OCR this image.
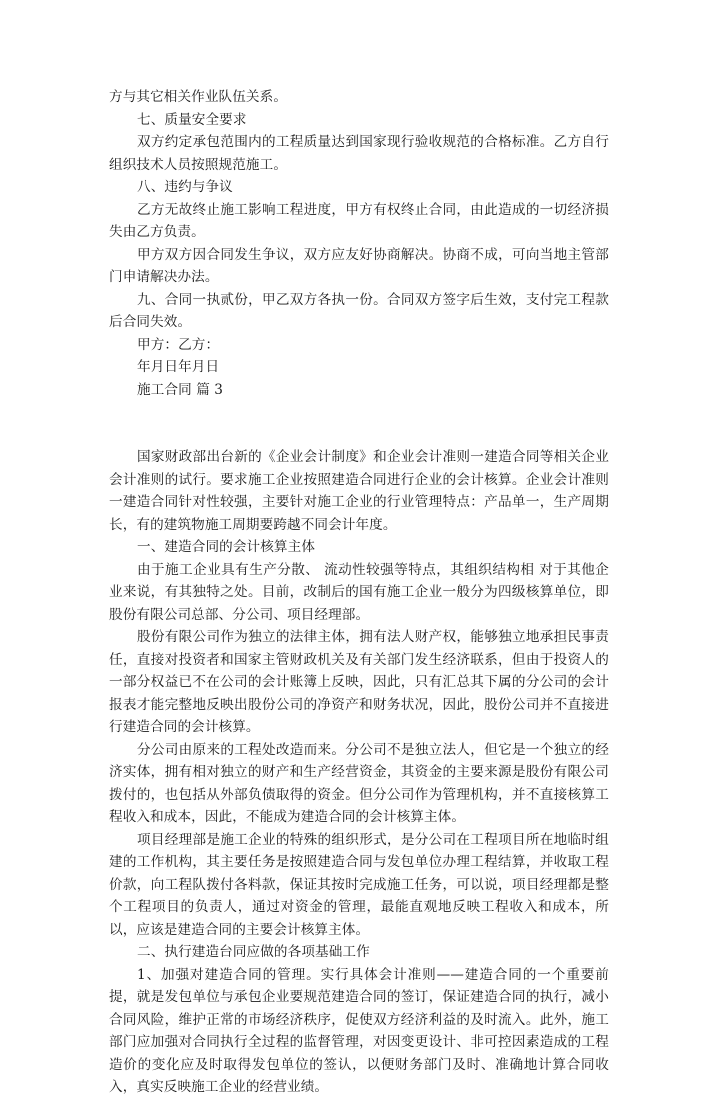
方与其它相关作业队伍关系。

七、质量安全要求

双方约定承包范围内的工程质量达到国家现行验收规范的合格标准。乙方自行组织技术人员按照规范施工。

八、违约与争议

乙方无故终止施工影响工程进度，甲方有权终止合同，由此造成的一切经济损失由乙方负责。

甲方双方因合同发生争议，双方应友好协商解决。协商不成，可向当地主管部门申请解决办法。

九、合同一执贰份，甲乙双方各执一份。合同双方签字后生效，支付完工程款后合同失效。

甲方：乙方：

年月日年月日

施工合同 篇 3

国家财政部出台新的《企业会计制度》和企业会计准则一建造合同等相关企业会计准则的试行。要求施工企业按照建造合同进行企业的会计核算。企业会计准则一建造合同针对性较强，主要针对施工企业的行业管理特点：产品单一，生产周期长，有的建筑物施工周期要跨越不同会计年度。

一、建造合同的会计核算主体

由于施工企业具有生产分散、 流动性较强等特点，其组织结构相 对于其他企业来说，有其独特之处。目前，改制后的国有施工企业一般分为四级核算单位，即股份有限公司总部、分公司、项目经理部。

股份有限公司作为独立的法律主体，拥有法人财产权，能够独立地承担民事责任，直接对投资者和国家主管财政机关及有关部门发生经济联系，但由于投资人的一部分权益已不在公司的会计账簿上反映，因此，只有汇总其下属的分公司的会计报表才能完整地反映出股份公司的净资产和财务状况，因此，股份公司并不直接进行建造合同的会计核算。

分公司由原来的工程处改造而来。分公司不是独立法人，但它是一个独立的经济实体，拥有相对独立的财产和生产经营资金，其资金的主要来源是股份有限公司拨付的，也包括从外部负债取得的资金。但分公司作为管理机构，并不直接核算工程收入和成本，因此，不能成为建造合同的会计核算主体。

项目经理部是施工企业的特殊的组织形式，是分公司在工程项目所在地临时组建的工作机构，其主要任务是按照建造合同与发包单位办理工程结算，并收取工程价款，向工程队拨付各料款，保证其按时完成施工任务，可以说，项目经理都是整个工程项目的负责人，通过对资金的管理，最能直观地反映工程收入和成本，所以，应该是建造合同的主要会计核算主体。

二、执行建造台同应做的各项基础工作

1、加强对建造合同的管理。实行具体会计准则——建造合同的一个重要前提，就是发包单位与承包企业要规范建造合同的签订，保证建造合同的执行，减小合同风险，维护正常的市场经济秩序，促使双方经济利益的及时流入。此外，施工部门应加强对合同执行全过程的监督管理，对因变更设计、非可控因素造成的工程造价的变化应及时取得发包单位的签认，以便财务部门及时、准确地计算合同收入，真实反映施工企业的经营业绩。
